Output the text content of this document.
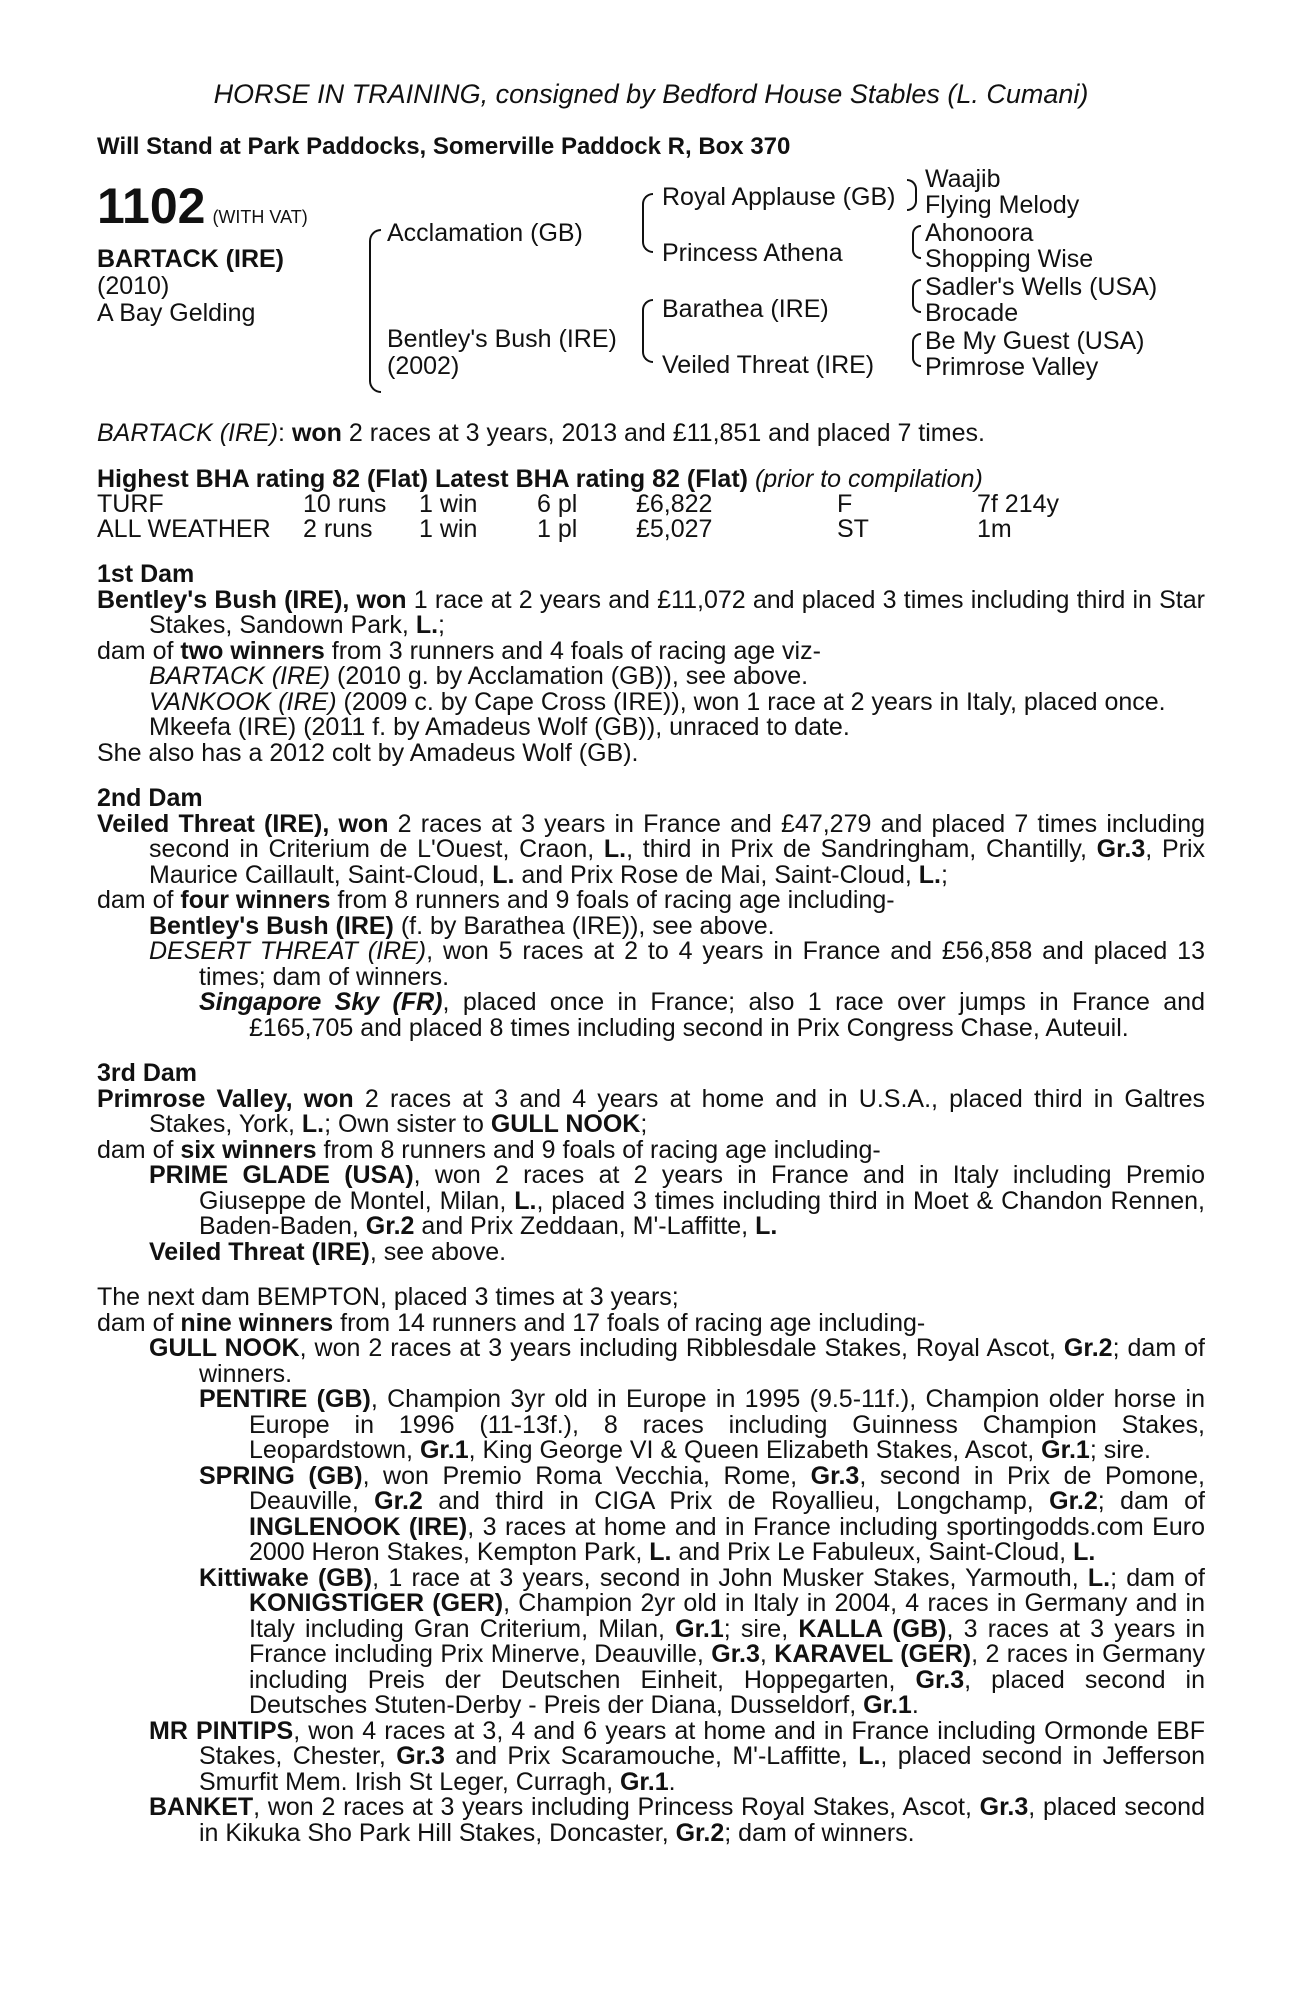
HORSE IN TRAINING, consigned by Bedford House Stables (L. Cumani)
Will Stand at Park Paddocks, Somerville Paddock R, Box 370
1102 (WITH VAT)
BARTACK (IRE)
(2010)
A Bay Gelding
Acclamation (GB)
Bentley's Bush (IRE)
(2002)
Royal Applause (GB)
Princess Athena
Barathea (IRE)
Veiled Threat (IRE)
Waajib
Flying Melody
Ahonoora
Shopping Wise
Sadler's Wells (USA)
Brocade
Be My Guest (USA)
Primrose Valley
BARTACK (IRE): won 2 races at 3 years, 2013 and £11,851 and placed 7 times.
Highest BHA rating 82 (Flat) Latest BHA rating 82 (Flat) (prior to compilation)
TURF	10 runs 1 win 6 pl £6,822	F	7f 214y
ALL WEATHER 2 runs 1 win 1 pl £5,027	ST	1m
1st Dam
Bentley's Bush (IRE), won 1 race at 2 years and £11,072 and placed 3 times including third in Star Stakes, Sandown Park, L.;
dam of two winners from 3 runners and 4 foals of racing age viz-
BARTACK (IRE) (2010 g. by Acclamation (GB)), see above.
VANKOOK (IRE) (2009 c. by Cape Cross (IRE)), won 1 race at 2 years in Italy, placed once.
Mkeefa (IRE) (2011 f. by Amadeus Wolf (GB)), unraced to date.
She also has a 2012 colt by Amadeus Wolf (GB).
2nd Dam
Veiled Threat (IRE), won 2 races at 3 years in France and £47,279 and placed 7 times including second in Criterium de L'Ouest, Craon, L., third in Prix de Sandringham, Chantilly, Gr.3, Prix Maurice Caillault, Saint-Cloud, L. and Prix Rose de Mai, Saint-Cloud, L.;
dam of four winners from 8 runners and 9 foals of racing age including-
Bentley's Bush (IRE) (f. by Barathea (IRE)), see above.
DESERT THREAT (IRE), won 5 races at 2 to 4 years in France and £56,858 and placed 13 times; dam of winners.
Singapore Sky (FR), placed once in France; also 1 race over jumps in France and £165,705 and placed 8 times including second in Prix Congress Chase, Auteuil.
3rd Dam
Primrose Valley, won 2 races at 3 and 4 years at home and in U.S.A., placed third in Galtres Stakes, York, L.; Own sister to GULL NOOK;
dam of six winners from 8 runners and 9 foals of racing age including-
PRIME GLADE (USA), won 2 races at 2 years in France and in Italy including Premio Giuseppe de Montel, Milan, L., placed 3 times including third in Moet & Chandon Rennen, Baden-Baden, Gr.2 and Prix Zeddaan, M'-Laffitte, L.
Veiled Threat (IRE), see above.
The next dam BEMPTON, placed 3 times at 3 years;
dam of nine winners from 14 runners and 17 foals of racing age including-
GULL NOOK, won 2 races at 3 years including Ribblesdale Stakes, Royal Ascot, Gr.2; dam of winners.
PENTIRE (GB), Champion 3yr old in Europe in 1995 (9.5-11f.), Champion older horse in Europe in 1996 (11-13f.), 8 races including Guinness Champion Stakes, Leopardstown, Gr.1, King George VI & Queen Elizabeth Stakes, Ascot, Gr.1; sire.
SPRING (GB), won Premio Roma Vecchia, Rome, Gr.3, second in Prix de Pomone, Deauville, Gr.2 and third in CIGA Prix de Royallieu, Longchamp, Gr.2; dam of INGLENOOK (IRE), 3 races at home and in France including sportingodds.com Euro 2000 Heron Stakes, Kempton Park, L. and Prix Le Fabuleux, Saint-Cloud, L.
Kittiwake (GB), 1 race at 3 years, second in John Musker Stakes, Yarmouth, L.; dam of KONIGSTIGER (GER), Champion 2yr old in Italy in 2004, 4 races in Germany and in Italy including Gran Criterium, Milan, Gr.1; sire, KALLA (GB), 3 races at 3 years in France including Prix Minerve, Deauville, Gr.3, KARAVEL (GER), 2 races in Germany including Preis der Deutschen Einheit, Hoppegarten, Gr.3, placed second in Deutsches Stuten-Derby - Preis der Diana, Dusseldorf, Gr.1.
MR PINTIPS, won 4 races at 3, 4 and 6 years at home and in France including Ormonde EBF Stakes, Chester, Gr.3 and Prix Scaramouche, M'-Laffitte, L., placed second in Jefferson Smurfit Mem. Irish St Leger, Curragh, Gr.1.
BANKET, won 2 races at 3 years including Princess Royal Stakes, Ascot, Gr.3, placed second in Kikuka Sho Park Hill Stakes, Doncaster, Gr.2; dam of winners.
